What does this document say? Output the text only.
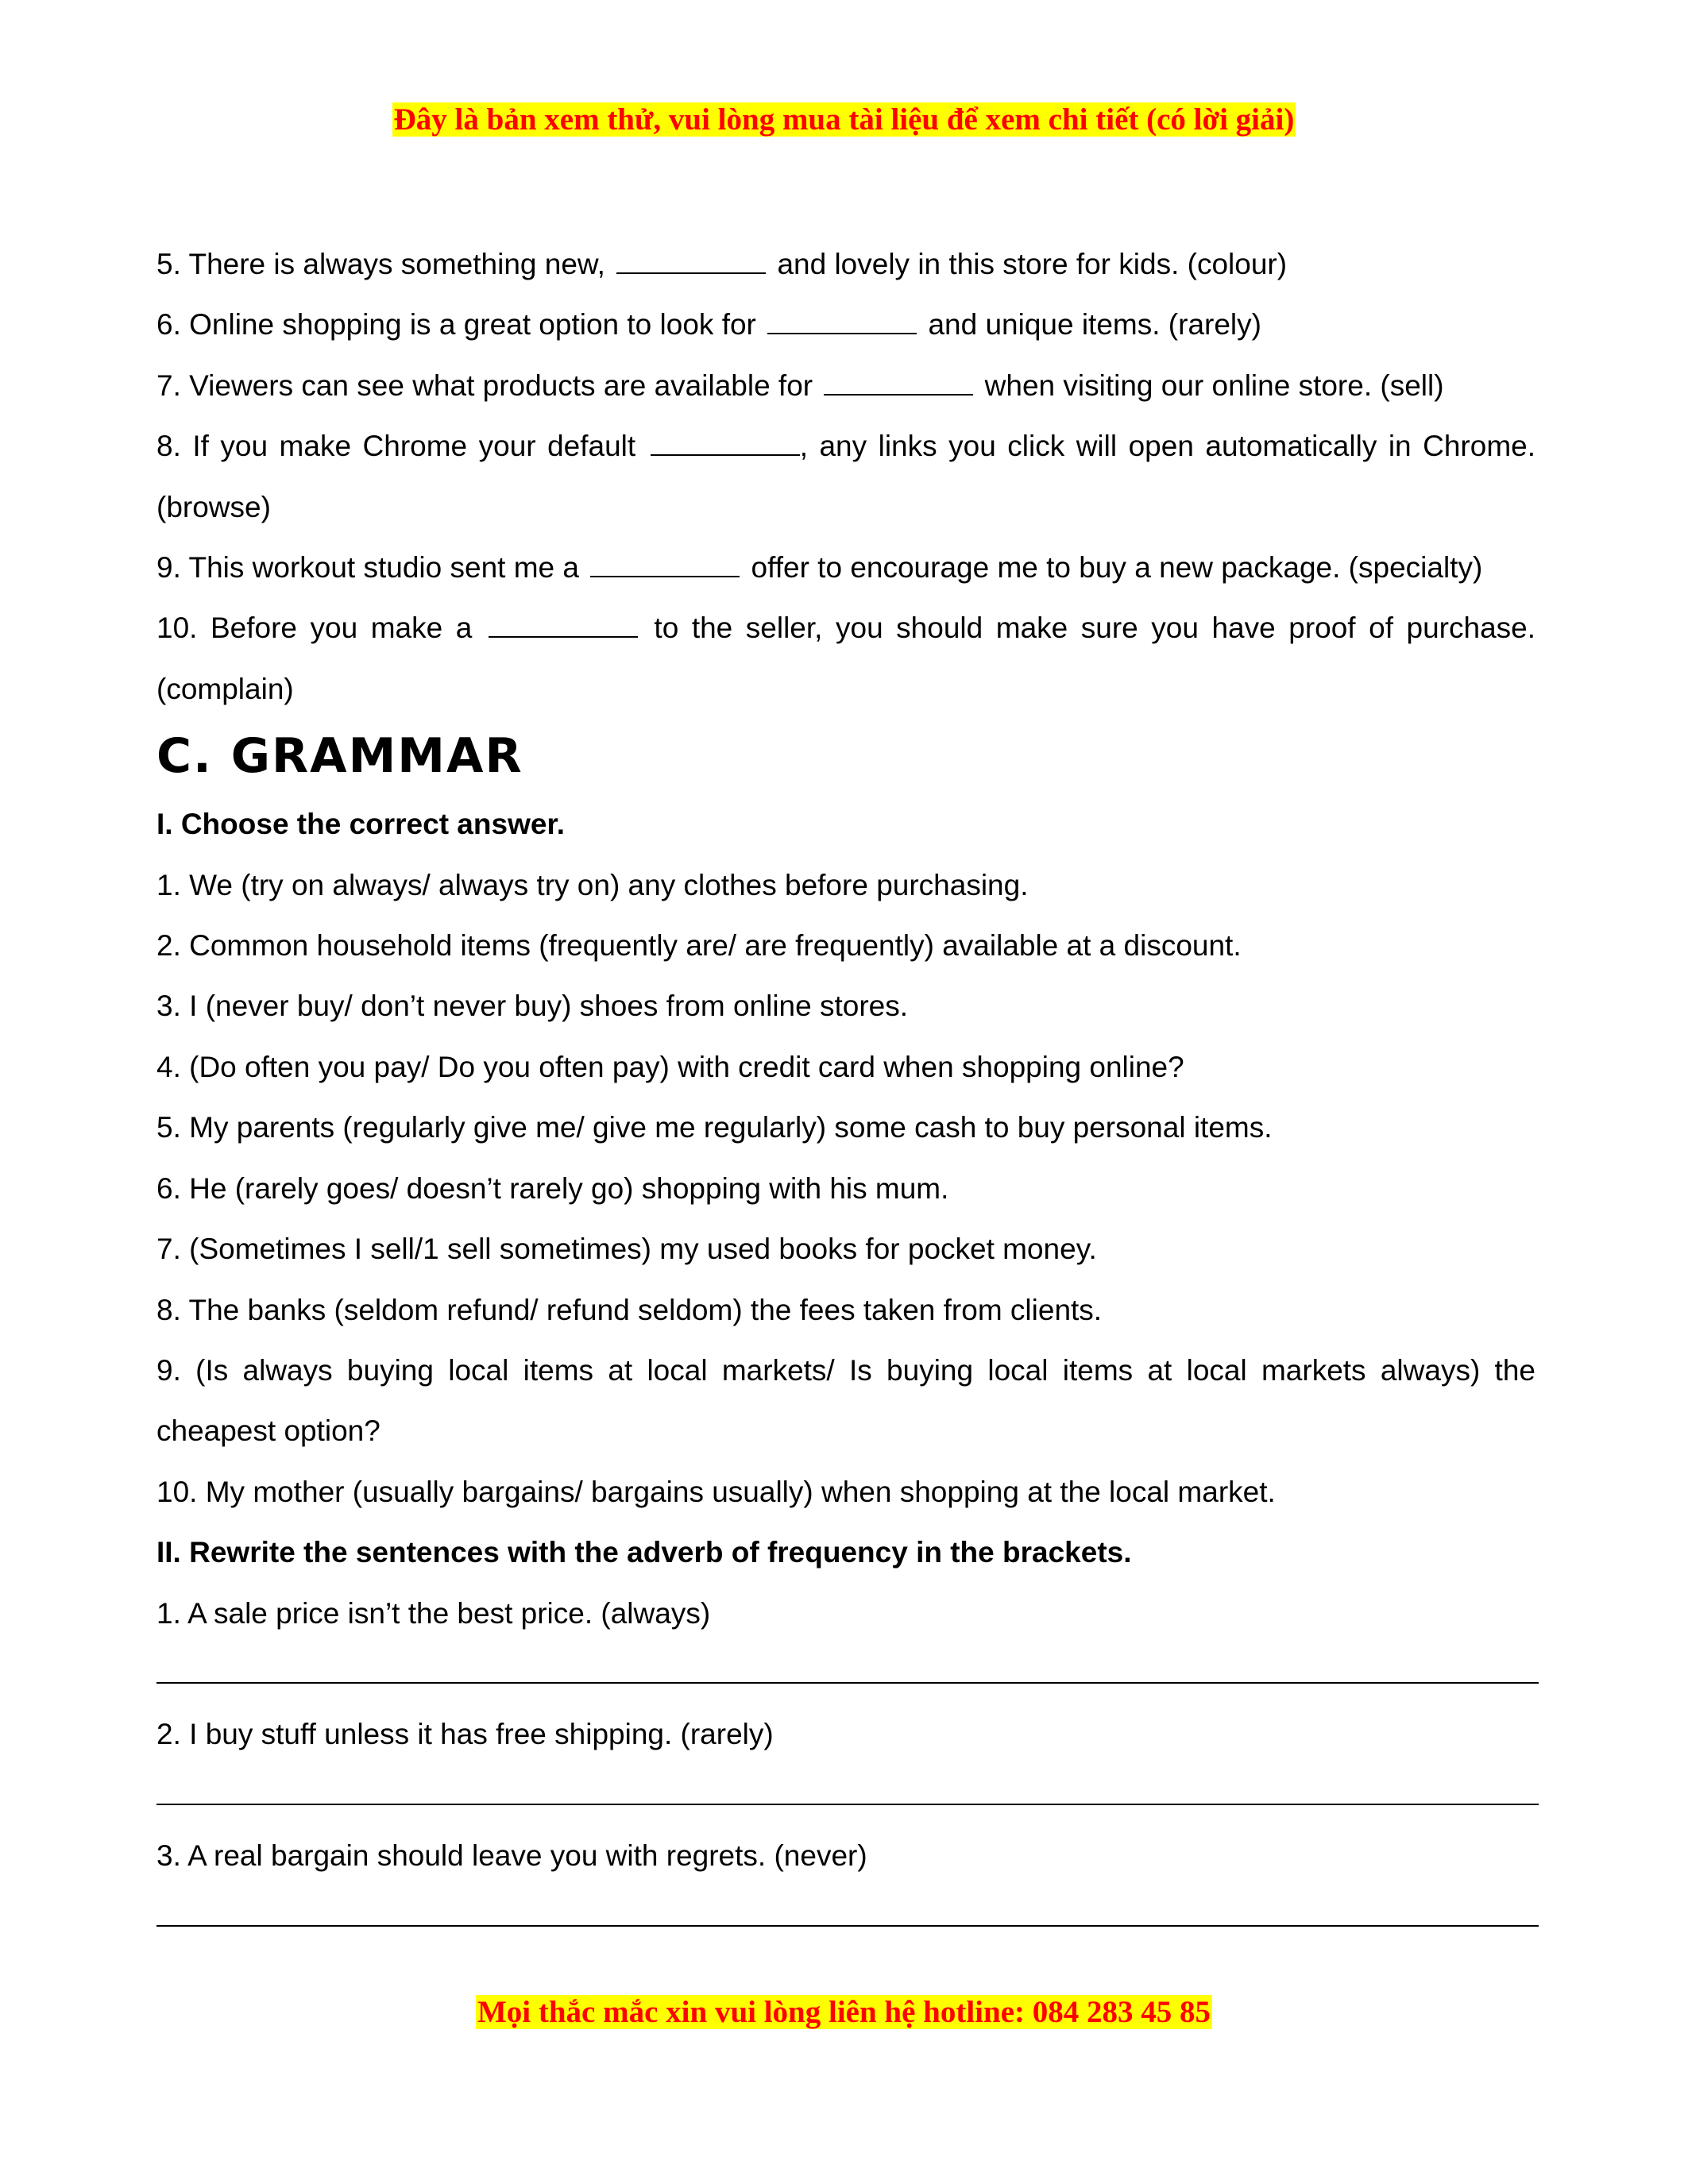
Đây là bản xem thử, vui lòng mua tài liệu để xem chi tiết (có lời giải)
5. There is always something new,	and lovely in this store for kids. (colour)
6. Online shopping is a great option to look for	and unique items. (rarely)
7. Viewers can see what products are available for	when visiting our online store. (sell)
8. If you make Chrome your default	, any links you click will open automatically in Chrome. (browse)
9. This workout studio sent me a	offer to encourage me to buy a new package. (specialty)
10. Before you make a	to the seller, you should make sure you have proof of purchase. (complain)
C. GRAMMAR
I. Choose the correct answer.
1. We (try on always/ always try on) any clothes before purchasing.
2. Common household items (frequently are/ are frequently) available at a discount.
3. I (never buy/ don’t never buy) shoes from online stores.
4. (Do often you pay/ Do you often pay) with credit card when shopping online?
5. My parents (regularly give me/ give me regularly) some cash to buy personal items.
6. He (rarely goes/ doesn’t rarely go) shopping with his mum.
7. (Sometimes I sell/1 sell sometimes) my used books for pocket money.
8. The banks (seldom refund/ refund seldom) the fees taken from clients.
9. (Is always buying local items at local markets/ Is buying local items at local markets always) the cheapest option?
10. My mother (usually bargains/ bargains usually) when shopping at the local market.
II. Rewrite the sentences with the adverb of frequency in the brackets.
1. A sale price isn’t the best price. (always)
2. I buy stuff unless it has free shipping. (rarely)
3. A real bargain should leave you with regrets. (never)
Mọi thắc mắc xin vui lòng liên hệ hotline: 084 283 45 85
